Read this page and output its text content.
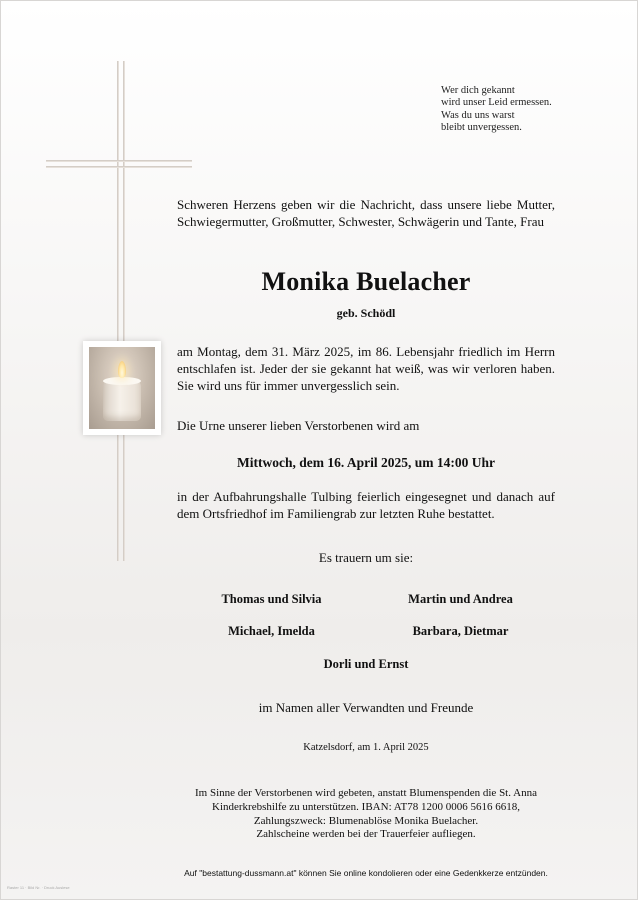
Wer dich gekannt
wird unser Leid ermessen.
Was du uns warst
bleibt unvergessen.
Schweren Herzens geben wir die Nachricht, dass unsere liebe Mutter, Schwiegermutter, Großmutter, Schwester, Schwägerin und Tante, Frau
Monika Buelacher
geb. Schödl
am Montag, dem 31. März 2025, im 86. Lebensjahr friedlich im Herrn entschlafen ist. Jeder der sie gekannt hat weiß, was wir verloren haben. Sie wird uns für immer unvergesslich sein.
Die Urne unserer lieben Verstorbenen wird am
Mittwoch, dem 16. April 2025, um 14:00 Uhr
in der Aufbahrungshalle Tulbing feierlich eingesegnet und danach auf dem Ortsfriedhof im Familiengrab zur letzten Ruhe bestattet.
Es trauern um sie:
Thomas und Silvia	Martin und Andrea
Michael, Imelda	Barbara, Dietmar
Dorli und Ernst
im Namen aller Verwandten und Freunde
Katzelsdorf, am 1. April 2025
Im Sinne der Verstorbenen wird gebeten, anstatt Blumenspenden die St. Anna
Kinderkrebshilfe zu unterstützen. IBAN: AT78 1200 0006 5616 6618,
Zahlungszweck: Blumenablöse Monika Buelacher.
Zahlscheine werden bei der Trauerfeier aufliegen.
Auf "bestattung-dussmann.at" können Sie online kondolieren oder eine Gedenkkerze entzünden.
Raster 11 · Bild Nr. · Druck Auslese
